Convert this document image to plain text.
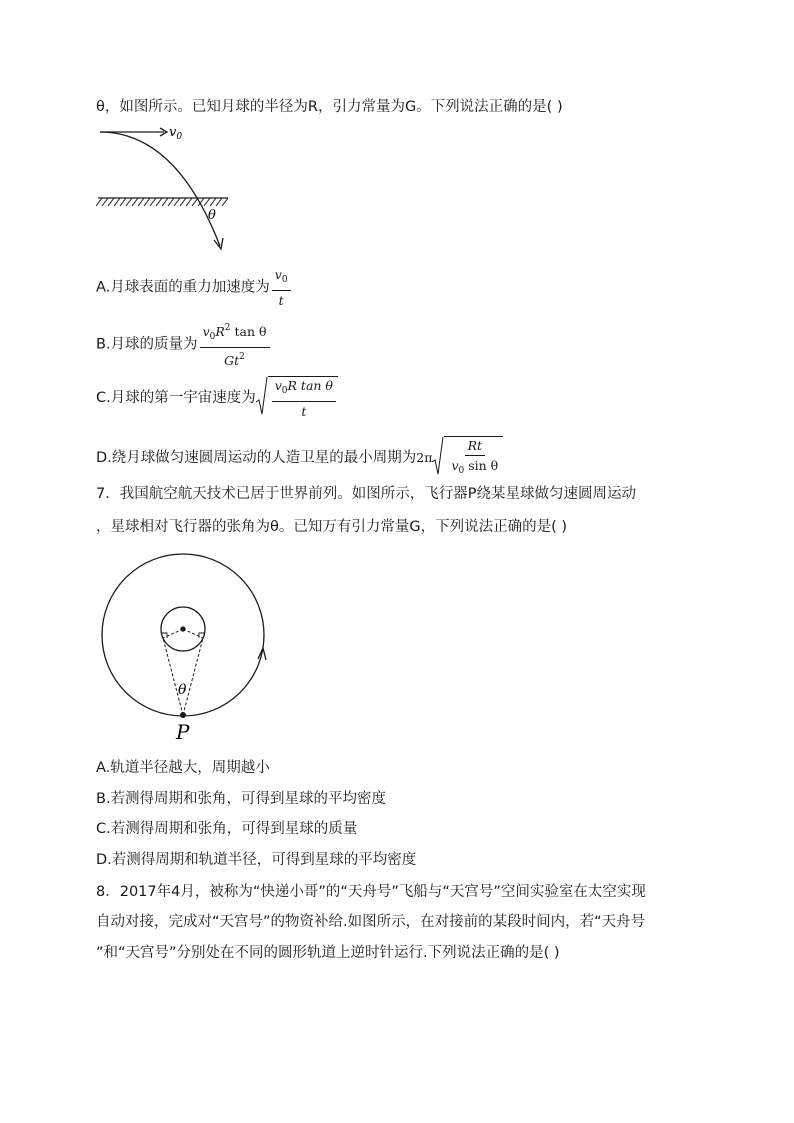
θ，如图所示。已知月球的半径为R，引力常量为G。下列说法正确的是( )
$v_0$
θ
A.月球表面的重力加速度为 $\frac{v_0}{t}$
B.月球的质量为 $\frac{v_0R^2 \tan \theta}{Gt^2}$
C.月球的第一宇宙速度为 $\frac{v_0R \tan \theta}{t}$
D.绕月球做匀速圆周运动的人造卫星的最小周期为$2\pi \frac{Rt}{v_0 \sin \theta}$
7．我国航空航天技术已居于世界前列。如图所示，飞行器P绕某星球做匀速圆周运动
，星球相对飞行器的张角为θ。已知万有引力常量G，下列说法正确的是( )
θ
P
A.轨道半径越大，周期越小
B.若测得周期和张角，可得到星球的平均密度
C.若测得周期和张角，可得到星球的质量
D.若测得周期和轨道半径，可得到星球的平均密度
8．2017年4月，被称为“快递小哥”的“天舟号”飞船与“天宫号”空间实验室在太空实现
自动对接，完成对“天宫号”的物资补给.如图所示，在对接前的某段时间内，若“天舟号
”和“天宫号”分别处在不同的圆形轨道上逆时针运行.下列说法正确的是( )
